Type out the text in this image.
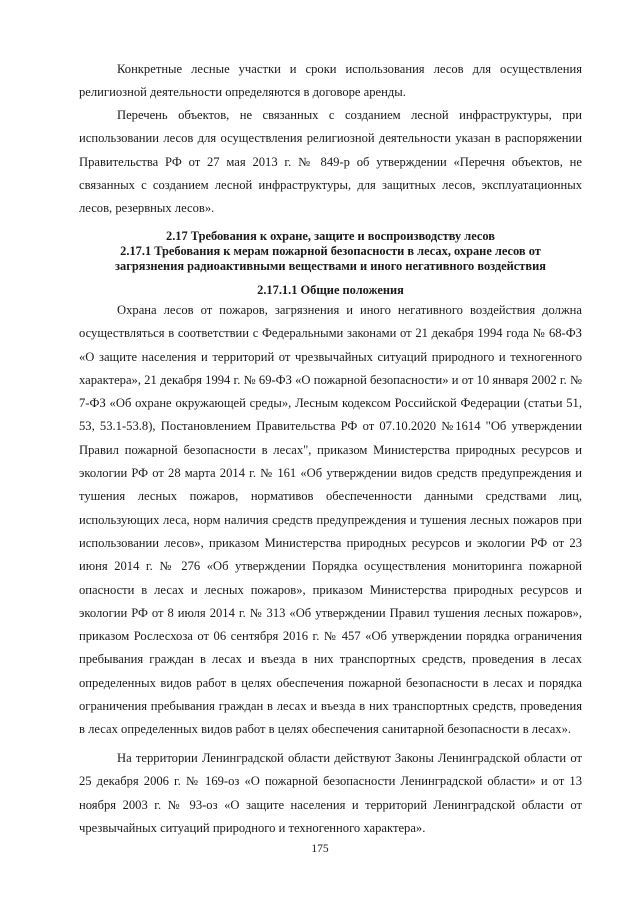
Конкретные лесные участки и сроки использования лесов для осуществления религиозной деятельности определяются в договоре аренды.

Перечень объектов, не связанных с созданием лесной инфраструктуры, при использовании лесов для осуществления религиозной деятельности указан в распоряжении Правительства РФ от 27 мая 2013 г. № 849-р об утверждении «Перечня объектов, не связанных с созданием лесной инфраструктуры, для защитных лесов, эксплуатационных лесов, резервных лесов».

2.17 Требования к охране, защите и воспроизводству лесов
2.17.1 Требования к мерам пожарной безопасности в лесах, охране лесов от
загрязнения радиоактивными веществами и иного негативного воздействия
2.17.1.1 Общие положения

Охрана лесов от пожаров, загрязнения и иного негативного воздействия должна осуществляться в соответствии с Федеральными законами от 21 декабря 1994 года № 68-ФЗ «О защите населения и территорий от чрезвычайных ситуаций природного и техногенного характера», 21 декабря 1994 г. № 69-ФЗ «О пожарной безопасности» и от 10 января 2002 г. № 7-ФЗ «Об охране окружающей среды», Лесным кодексом Российской Федерации (статьи 51, 53, 53.1-53.8), Постановлением Правительства РФ от 07.10.2020 №1614 "Об утверждении Правил пожарной безопасности в лесах", приказом Министерства природных ресурсов и экологии РФ от 28 марта 2014 г. № 161 «Об утверждении видов средств предупреждения и тушения лесных пожаров, нормативов обеспеченности данными средствами лиц, использующих леса, норм наличия средств предупреждения и тушения лесных пожаров при использовании лесов», приказом Министерства природных ресурсов и экологии РФ от 23 июня 2014 г. № 276 «Об утверждении Порядка осуществления мониторинга пожарной опасности в лесах и лесных пожаров», приказом Министерства природных ресурсов и экологии РФ от 8 июля 2014 г. № 313 «Об утверждении Правил тушения лесных пожаров», приказом Рослесхоза от 06 сентября 2016 г. № 457 «Об утверждении порядка ограничения пребывания граждан в лесах и въезда в них транспортных средств, проведения в лесах определенных видов работ в целях обеспечения пожарной безопасности в лесах и порядка ограничения пребывания граждан в лесах и въезда в них транспортных средств, проведения в лесах определенных видов работ в целях обеспечения санитарной безопасности в лесах».

На территории Ленинградской области действуют Законы Ленинградской области от 25 декабря 2006 г. № 169-оз «О пожарной безопасности Ленинградской области» и от 13 ноября 2003 г. № 93-оз «О защите населения и территорий Ленинградской области от чрезвычайных ситуаций природного и техногенного характера».

175
